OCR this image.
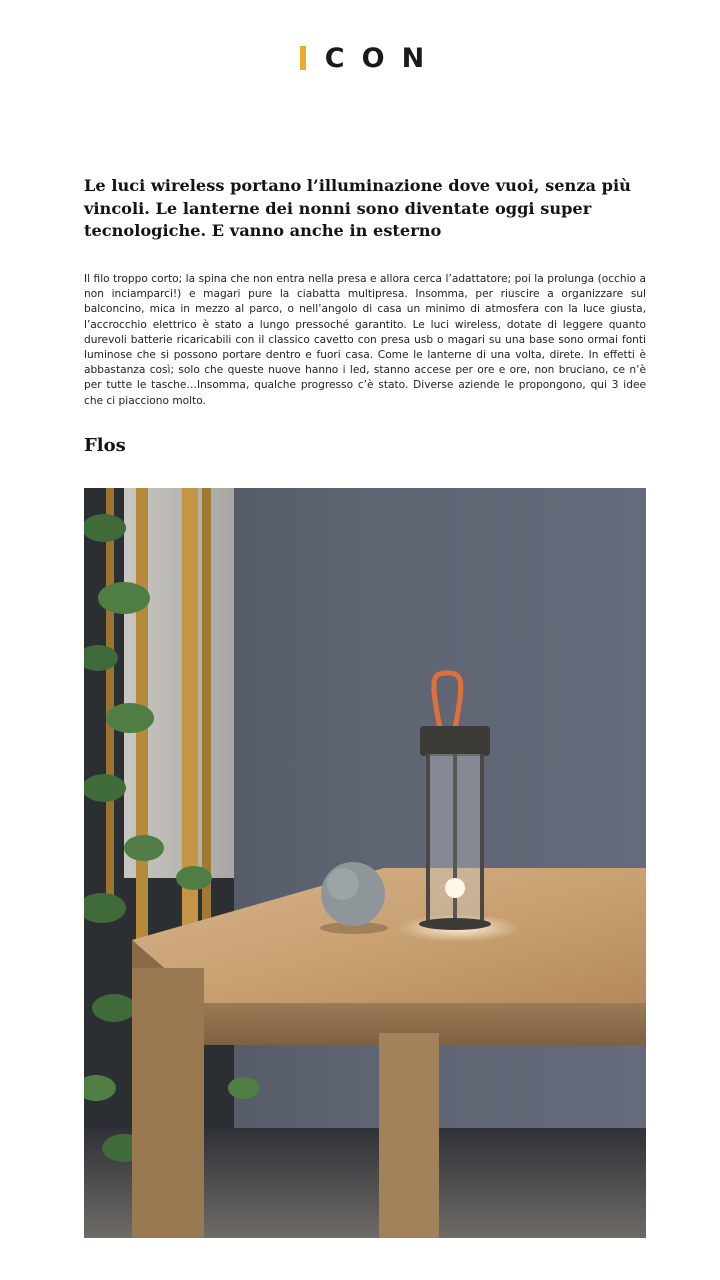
C O N
Le luci wireless portano l’illuminazione dove vuoi, senza più vincoli. Le lanterne dei nonni sono diventate oggi super tecnologiche. E vanno anche in esterno

Il filo troppo corto; la spina che non entra nella presa e allora cerca l’adattatore; poi la prolunga (occhio a non inciamparci!) e magari pure la ciabatta multipresa. Insomma, per riuscire a organizzare sul balconcino, mica in mezzo al parco, o nell’angolo di casa un minimo di atmosfera con la luce giusta, l’accrocchio elettrico è stato a lungo pressoché garantito. Le luci wireless, dotate di leggere quanto durevoli batterie ricaricabili con il classico cavetto con presa usb o magari su una base sono ormai fonti luminose che si possono portare dentro e fuori casa. Come le lanterne di una volta, direte. In effetti è abbastanza così; solo che queste nuove hanno i led, stanno accese per ore e ore, non bruciano, ce n’è per tutte le tasche…Insomma, qualche progresso c’è stato. Diverse aziende le propongono, qui 3 idee che ci piacciono molto.

Flos
